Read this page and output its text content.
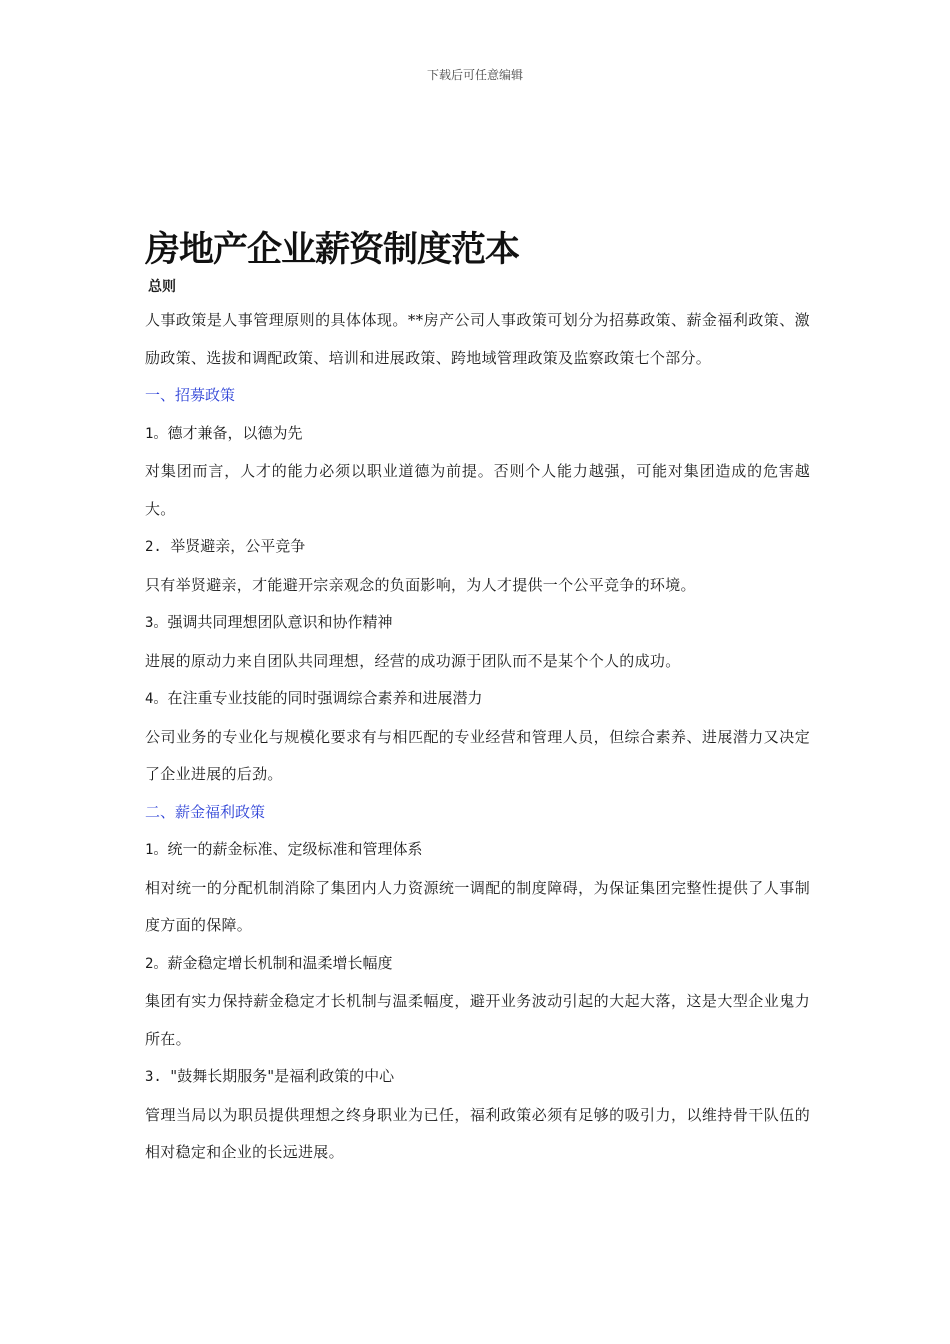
下载后可任意编辑
房地产企业薪资制度范本
总则

人事政策是人事管理原则的具体体现。**房产公司人事政策可划分为招募政策、薪金福利政策、激励政策、选拔和调配政策、培训和进展政策、跨地域管理政策及监察政策七个部分。

一、招募政策

1。德才兼备，以德为先

对集团而言，人才的能力必须以职业道德为前提。否则个人能力越强，可能对集团造成的危害越大。

2. 举贤避亲，公平竞争

只有举贤避亲，才能避开宗亲观念的负面影响，为人才提供一个公平竞争的环境。

3。强调共同理想团队意识和协作精神

进展的原动力来自团队共同理想，经营的成功源于团队而不是某个个人的成功。

4。在注重专业技能的同时强调综合素养和进展潜力

公司业务的专业化与规模化要求有与相匹配的专业经营和管理人员，但综合素养、进展潜力又决定了企业进展的后劲。

二、薪金福利政策

1。统一的薪金标准、定级标准和管理体系

相对统一的分配机制消除了集团内人力资源统一调配的制度障碍，为保证集团完整性提供了人事制度方面的保障。

2。薪金稳定增长机制和温柔增长幅度

集团有实力保持薪金稳定才长机制与温柔幅度，避开业务波动引起的大起大落，这是大型企业鬼力所在。

3. "鼓舞长期服务"是福利政策的中心

管理当局以为职员提供理想之终身职业为已任，福利政策必须有足够的吸引力，以维持骨干队伍的相对稳定和企业的长远进展。
